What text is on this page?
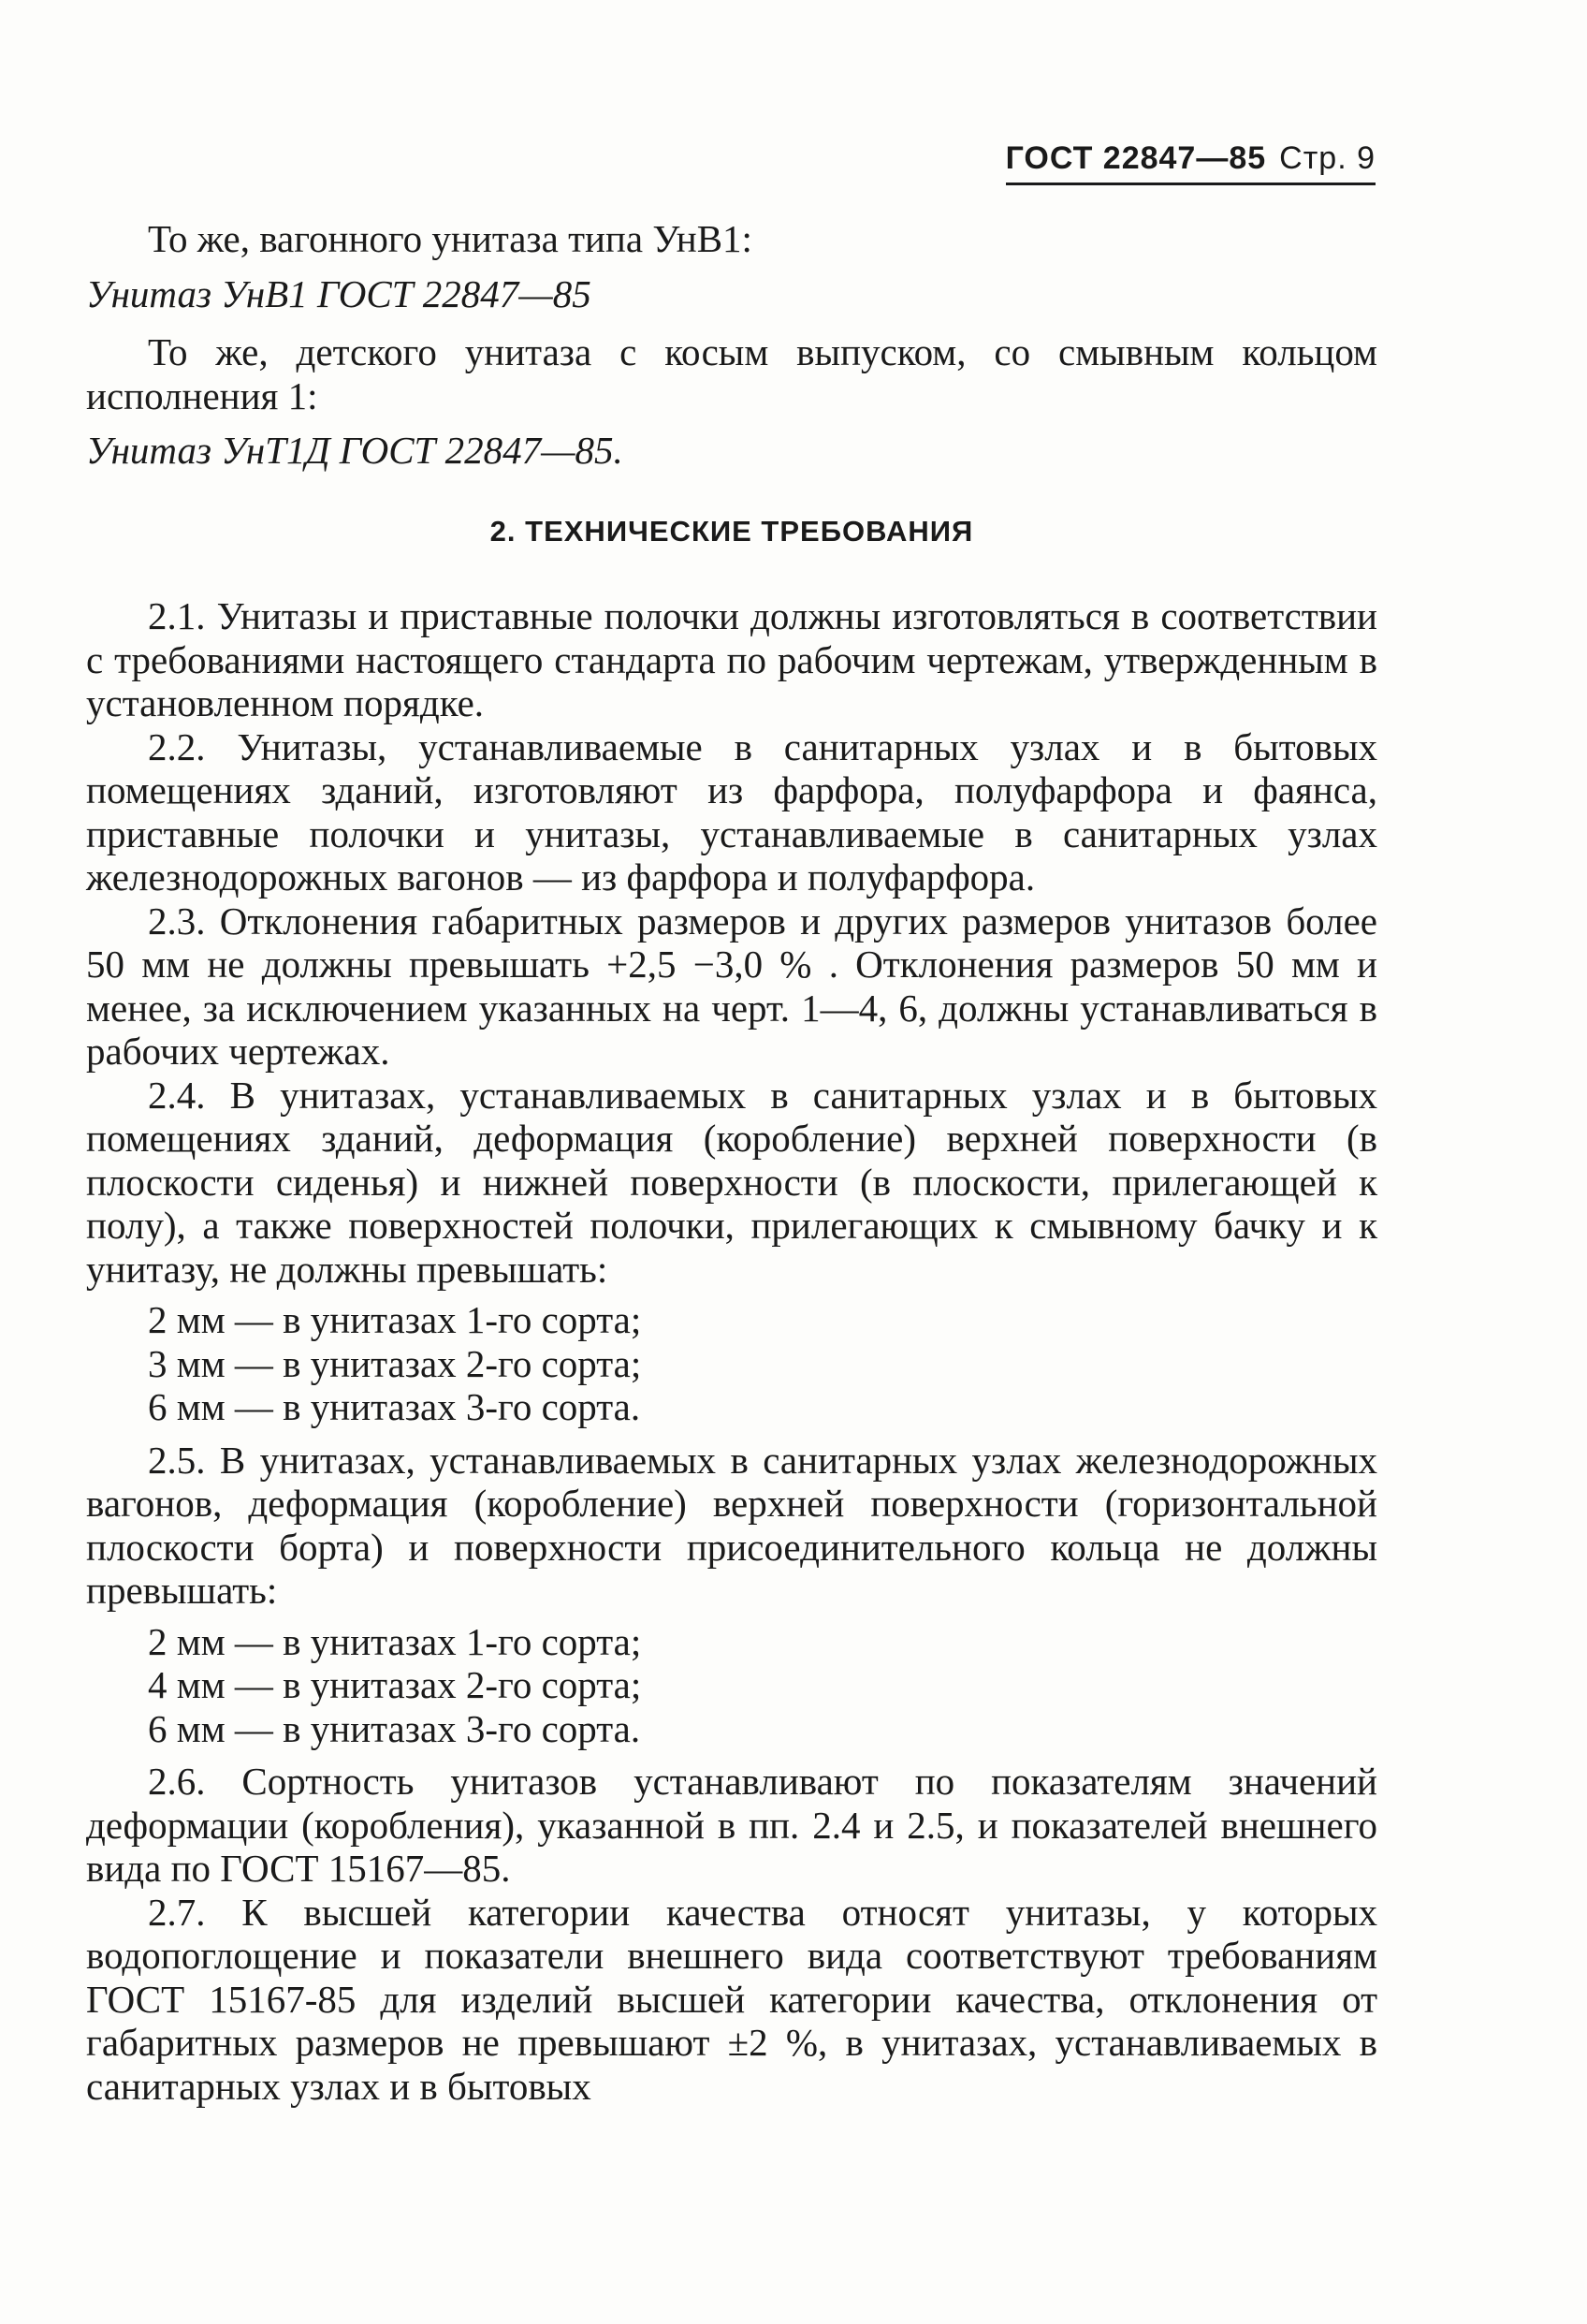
ГОСТ 22847—85 Стр. 9

То же, вагонного унитаза типа УнВ1:

Унитаз УнВ1 ГОСТ 22847—85

То же, детского унитаза с косым выпуском, со смывным кольцом исполнения 1:

Унитаз УнТ1Д ГОСТ 22847—85.

2. ТЕХНИЧЕСКИЕ ТРЕБОВАНИЯ

2.1. Унитазы и приставные полочки должны изготовляться в соответствии с требованиями настоящего стандарта по рабочим чертежам, утвержденным в установленном порядке.

2.2. Унитазы, устанавливаемые в санитарных узлах и в бытовых помещениях зданий, изготовляют из фарфора, полуфарфора и фаянса, приставные полочки и унитазы, устанавливаемые в санитарных узлах железнодорожных вагонов — из фарфора и полуфарфора.

2.3. Отклонения габаритных размеров и других размеров унитазов более 50 мм не должны превышать +2,5 −3,0 % . Отклонения размеров 50 мм и менее, за исключением указанных на черт. 1—4, 6, должны устанавливаться в рабочих чертежах.

2.4. В унитазах, устанавливаемых в санитарных узлах и в бытовых помещениях зданий, деформация (коробление) верхней поверхности (в плоскости сиденья) и нижней поверхности (в плоскости, прилегающей к полу), а также поверхностей полочки, прилегающих к смывному бачку и к унитазу, не должны превышать:

2 мм — в унитазах 1-го сорта;
3 мм — в унитазах 2-го сорта;
6 мм — в унитазах 3-го сорта.

2.5. В унитазах, устанавливаемых в санитарных узлах железнодорожных вагонов, деформация (коробление) верхней поверхности (горизонтальной плоскости борта) и поверхности присоединительного кольца не должны превышать:

2 мм — в унитазах 1-го сорта;
4 мм — в унитазах 2-го сорта;
6 мм — в унитазах 3-го сорта.

2.6. Сортность унитазов устанавливают по показателям значений деформации (коробления), указанной в пп. 2.4 и 2.5, и показателей внешнего вида по ГОСТ 15167—85.

2.7. К высшей категории качества относят унитазы, у которых водопоглощение и показатели внешнего вида соответствуют требованиям ГОСТ 15167-85 для изделий высшей категории качества, отклонения от габаритных размеров не превышают ±2 %, в унитазах, устанавливаемых в санитарных узлах и в бытовых
